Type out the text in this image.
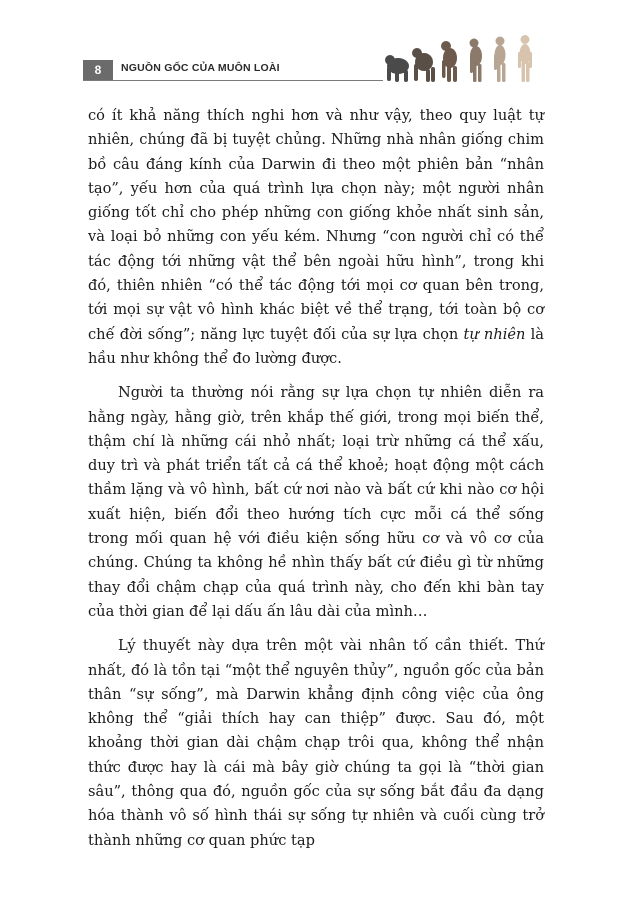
8	NGUỒN GỐC CỦA MUÔN LOÀI

có ít khả năng thích nghi hơn và như vậy, theo quy luật tự nhiên, chúng đã bị tuyệt chủng. Những nhà nhân giống chim bồ câu đáng kính của Darwin đi theo một phiên bản “nhân tạo”, yếu hơn của quá trình lựa chọn này; một người nhân giống tốt chỉ cho phép những con giống khỏe nhất sinh sản, và loại bỏ những con yếu kém. Nhưng “con người chỉ có thể tác động tới những vật thể bên ngoài hữu hình”, trong khi đó, thiên nhiên “có thể tác động tới mọi cơ quan bên trong, tới mọi sự vật vô hình khác biệt về thể trạng, tới toàn bộ cơ chế đời sống”; năng lực tuyệt đối của sự lựa chọn tự nhiên là hầu như không thể đo lường được.

Người ta thường nói rằng sự lựa chọn tự nhiên diễn ra hằng ngày, hằng giờ, trên khắp thế giới, trong mọi biến thể, thậm chí là những cái nhỏ nhất; loại trừ những cá thể xấu, duy trì và phát triển tất cả cá thể khoẻ; hoạt động một cách thầm lặng và vô hình, bất cứ nơi nào và bất cứ khi nào cơ hội xuất hiện, biến đổi theo hướng tích cực mỗi cá thể sống trong mối quan hệ với điều kiện sống hữu cơ và vô cơ của chúng. Chúng ta không hề nhìn thấy bất cứ điều gì từ những thay đổi chậm chạp của quá trình này, cho đến khi bàn tay của thời gian để lại dấu ấn lâu dài của mình…

Lý thuyết này dựa trên một vài nhân tố cần thiết. Thứ nhất, đó là tồn tại “một thể nguyên thủy”, nguồn gốc của bản thân “sự sống”, mà Darwin khẳng định công việc của ông không thể “giải thích hay can thiệp” được. Sau đó, một khoảng thời gian dài chậm chạp trôi qua, không thể nhận thức được hay là cái mà bây giờ chúng ta gọi là “thời gian sâu”, thông qua đó, nguồn gốc của sự sống bắt đầu đa dạng hóa thành vô số hình thái sự sống tự nhiên và cuối cùng trở thành những cơ quan phức tạp
